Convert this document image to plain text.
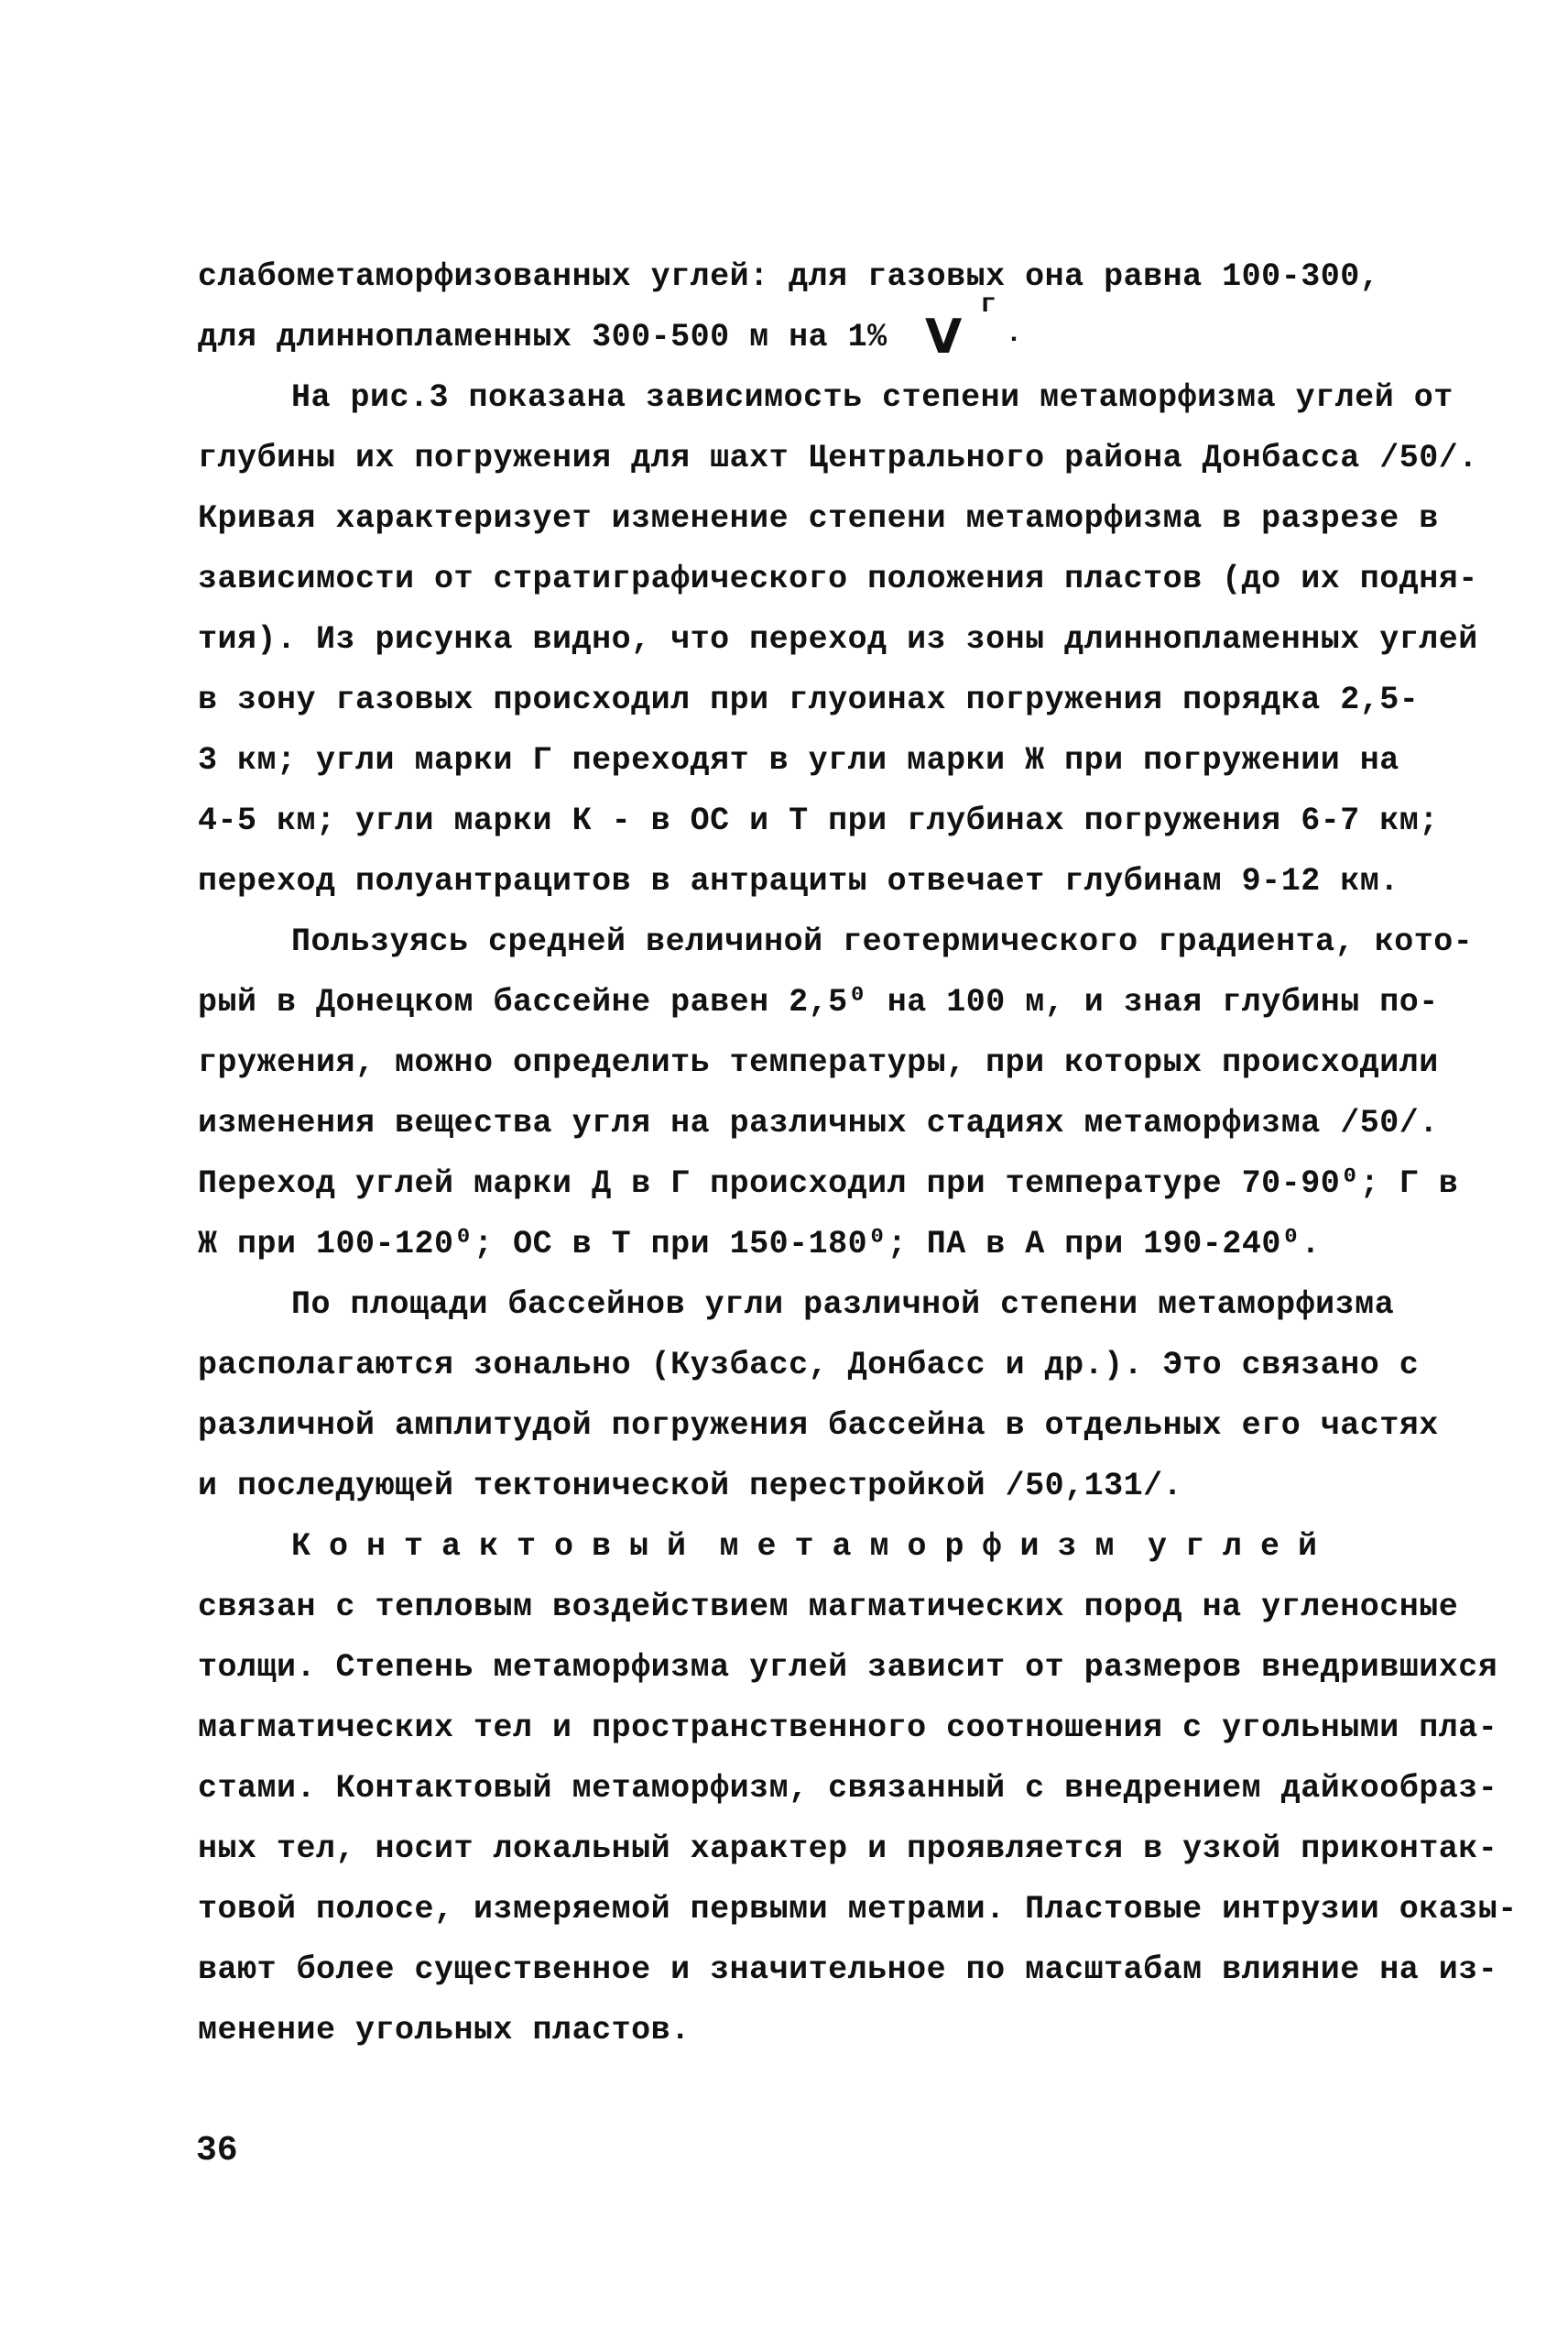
слабометаморфизованных углей: для газовых она равна 100-300,
для длиннопламенных 300-500 м на 1%
г
V .
На рис.3 показана зависимость степени метаморфизма углей от
глубины их погружения для шахт Центрального района Донбасса /50/.
Кривая характеризует изменение степени метаморфизма в разрезе в
зависимости от стратиграфического положения пластов (до их подня-
тия). Из рисунка видно, что переход из зоны длиннопламенных углей
в зону газовых происходил при глуоинах погружения порядка 2,5-
3 км; угли марки Г переходят в угли марки Ж при погружении на
4-5 км; угли марки К - в ОС и Т при глубинах погружения 6-7 км;
переход полуантрацитов в антрациты отвечает глубинам 9-12 км.
Пользуясь средней величиной геотермического градиента, кото-
рый в Донецком бассейне равен 2,5⁰ на 100 м, и зная глубины по-
гружения, можно определить температуры, при которых происходили
изменения вещества угля на различных стадиях метаморфизма /50/.
Переход углей марки Д в Г происходил при температуре 70-90⁰; Г в
Ж при 100-120⁰; ОС в Т при 150-180⁰; ПА в А при 190-240⁰.
По площади бассейнов угли различной степени метаморфизма
располагаются зонально (Кузбасс, Донбасс и др.). Это связано с
различной амплитудой погружения бассейна в отдельных его частях
и последующей тектонической перестройкой /50,131/.
Контактовый метаморфизм углей
связан с тепловым воздействием магматических пород на угленосные
толщи. Степень метаморфизма углей зависит от размеров внедрившихся
магматических тел и пространственного соотношения с угольными пла-
стами. Контактовый метаморфизм, связанный с внедрением дайкообраз-
ных тел, носит локальный характер и проявляется в узкой приконтак-
товой полосе, измеряемой первыми метрами. Пластовые интрузии оказы-
вают более существенное и значительное по масштабам влияние на из-
менение угольных пластов.
36
